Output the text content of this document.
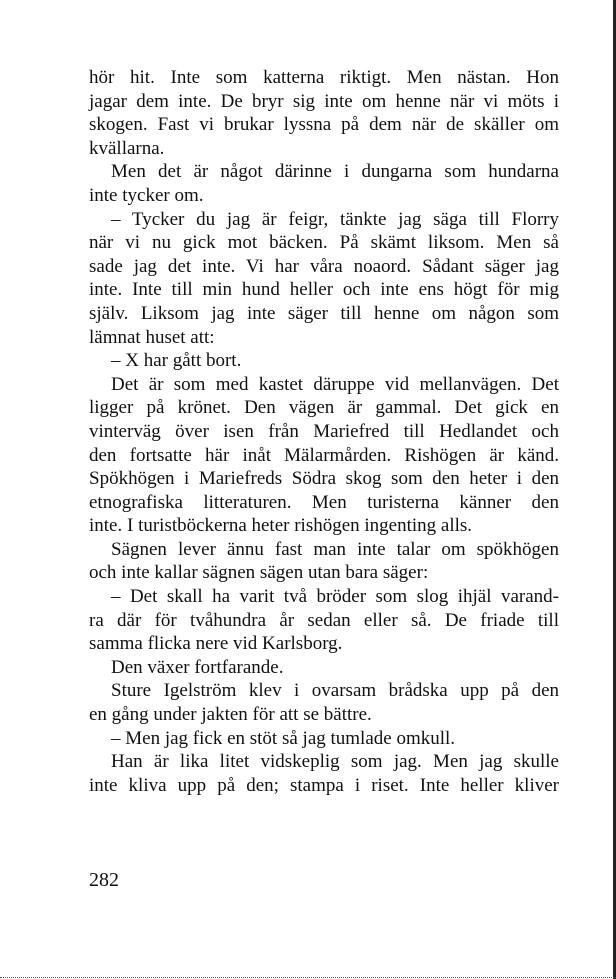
hör hit. Inte som katterna riktigt. Men nästan. Hon
jagar dem inte. De bryr sig inte om henne när vi möts i
skogen. Fast vi brukar lyssna på dem när de skäller om
kvällarna.
Men det är något därinne i dungarna som hundarna
inte tycker om.
– Tycker du jag är feigr, tänkte jag säga till Florry
när vi nu gick mot bäcken. På skämt liksom. Men så
sade jag det inte. Vi har våra noaord. Sådant säger jag
inte. Inte till min hund heller och inte ens högt för mig
själv. Liksom jag inte säger till henne om någon som
lämnat huset att:
– X har gått bort.
Det är som med kastet däruppe vid mellanvägen. Det
ligger på krönet. Den vägen är gammal. Det gick en
vinterväg över isen från Mariefred till Hedlandet och
den fortsatte här inåt Mälarmården. Rishögen är känd.
Spökhögen i Mariefreds Södra skog som den heter i den
etnografiska litteraturen. Men turisterna känner den
inte. I turistböckerna heter rishögen ingenting alls.
Sägnen lever ännu fast man inte talar om spökhögen
och inte kallar sägnen sägen utan bara säger:
– Det skall ha varit två bröder som slog ihjäl varand-
ra där för tvåhundra år sedan eller så. De friade till
samma flicka nere vid Karlsborg.
Den växer fortfarande.
Sture Igelström klev i ovarsam brådska upp på den
en gång under jakten för att se bättre.
– Men jag fick en stöt så jag tumlade omkull.
Han är lika litet vidskeplig som jag. Men jag skulle
inte kliva upp på den; stampa i riset. Inte heller kliver
282
